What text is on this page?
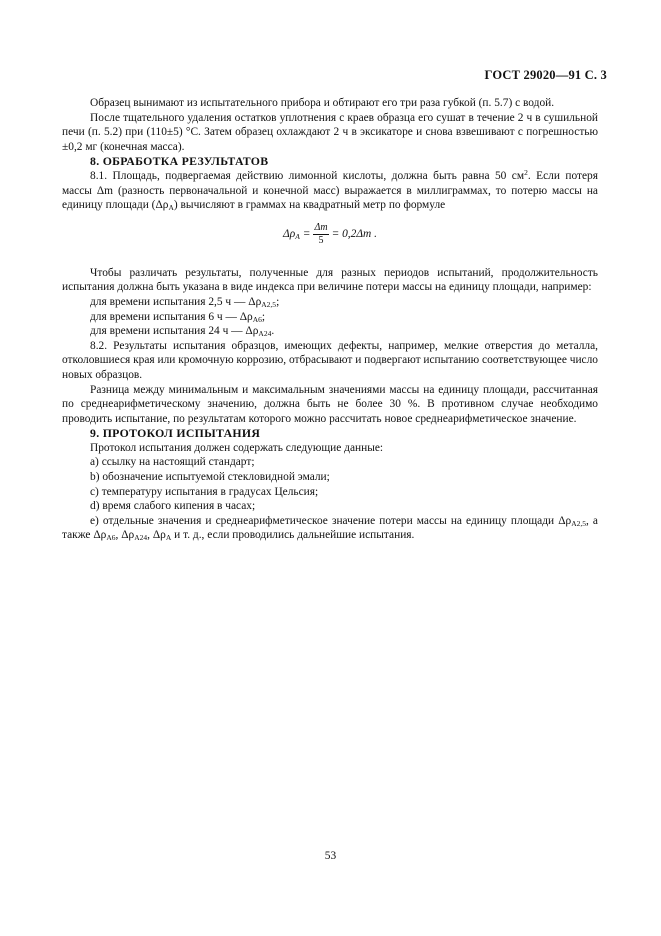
ГОСТ 29020—91 С. 3

Образец вынимают из испытательного прибора и обтирают его три раза губкой (п. 5.7) с водой.

После тщательного удаления остатков уплотнения с краев образца его сушат в течение 2 ч в сушильной печи (п. 5.2) при (110±5) °С. Затем образец охлаждают 2 ч в эксикаторе и снова взвешивают с погрешностью ±0,2 мг (конечная масса).

8. ОБРАБОТКА РЕЗУЛЬТАТОВ

8.1. Площадь, подвергаемая действию лимонной кислоты, должна быть равна 50 $см^2$. Если потеря массы Δm (разность первоначальной и конечной масс) выражается в миллиграммах, то потерю массы на единицу площади $(\Delta\rho_A)$ вычисляют в граммах на квадратный метр по формуле

$\Delta\rho_A = \frac{\Delta m}{5} = 0,2\Delta m$ .

Чтобы различать результаты, полученные для разных периодов испытаний, продолжительность испытания должна быть указана в виде индекса при величине потери массы на единицу площади, например:

для времени испытания 2,5 ч — $\Delta\rho_{A2,5}$;

для времени испытания 6 ч — $\Delta\rho_{A6}$;

для времени испытания 24 ч — $\Delta\rho_{A24}$.

8.2. Результаты испытания образцов, имеющих дефекты, например, мелкие отверстия до металла, отколовшиеся края или кромочную коррозию, отбрасывают и подвергают испытанию соответствующее число новых образцов.

Разница между минимальным и максимальным значениями массы на единицу площади, рассчитанная по среднеарифметическому значению, должна быть не более 30 %. В противном случае необходимо проводить испытание, по результатам которого можно рассчитать новое среднеарифметическое значение.

9. ПРОТОКОЛ ИСПЫТАНИЯ

Протокол испытания должен содержать следующие данные:

а) ссылку на настоящий стандарт;

b) обозначение испытуемой стекловидной эмали;

с) температуру испытания в градусах Цельсия;

d) время слабого кипения в часах;

е) отдельные значения и среднеарифметическое значение потери массы на единицу площади $\Delta\rho_{A2,5}$, а также $\Delta\rho_{A6}$, $\Delta\rho_{A24}$, $\Delta\rho_A$ и т. д., если проводились дальнейшие испытания.

53
